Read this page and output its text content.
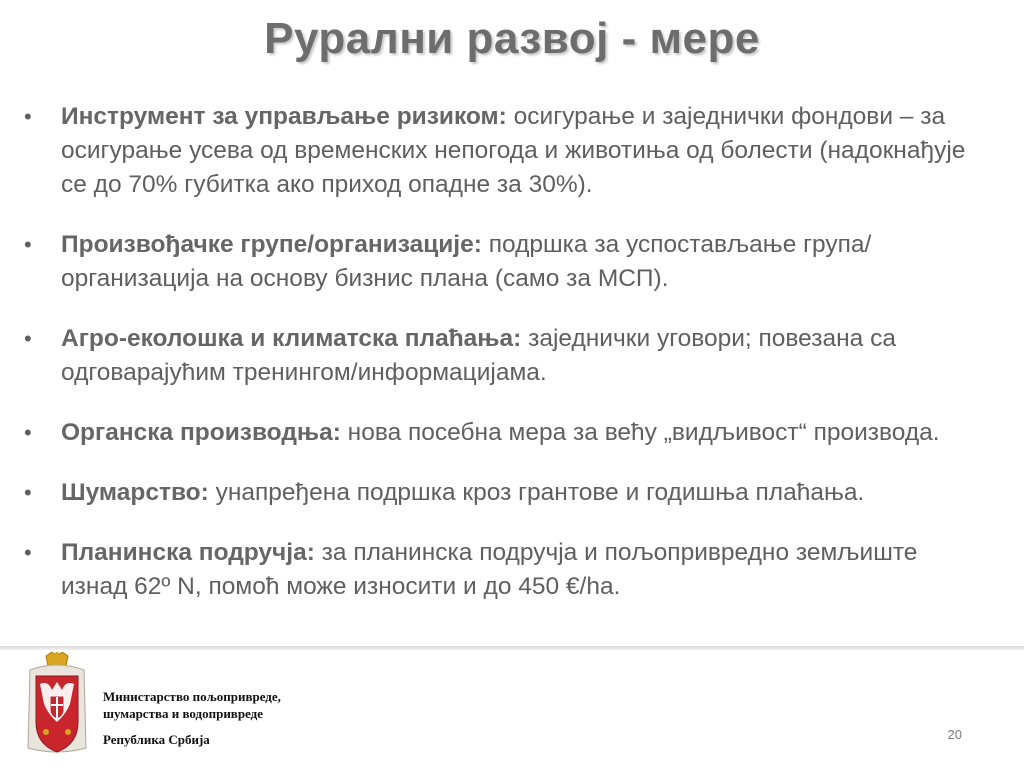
Рурални развој - мере
•	Инструмент за управљање ризиком: осигурање и заједнички фондови – за осигурање усева од временских непогода и животиња од болести (надокнађује се до 70% губитка ако приход опадне за 30%).
•	Произвођачке групе/организације: подршка за успостављање група/организација на основу бизнис плана (само за МСП).
•	Агро-еколошка и климатска плаћања: заједнички уговори; повезана са одговарајућим тренингом/информацијама.
•	Органска производња: нова посебна мера за већу „видљивост“ производа.
•	Шумарство: унапређена подршка кроз грантове и годишња плаћања.
•	Планинска подручја: за планинска подручја и пољопривредно земљиште изнад 62º N, помоћ може износити и до 450 €/ha.
Министарство пољопривреде,
шумарства и водопривреде
Република Србија	20
